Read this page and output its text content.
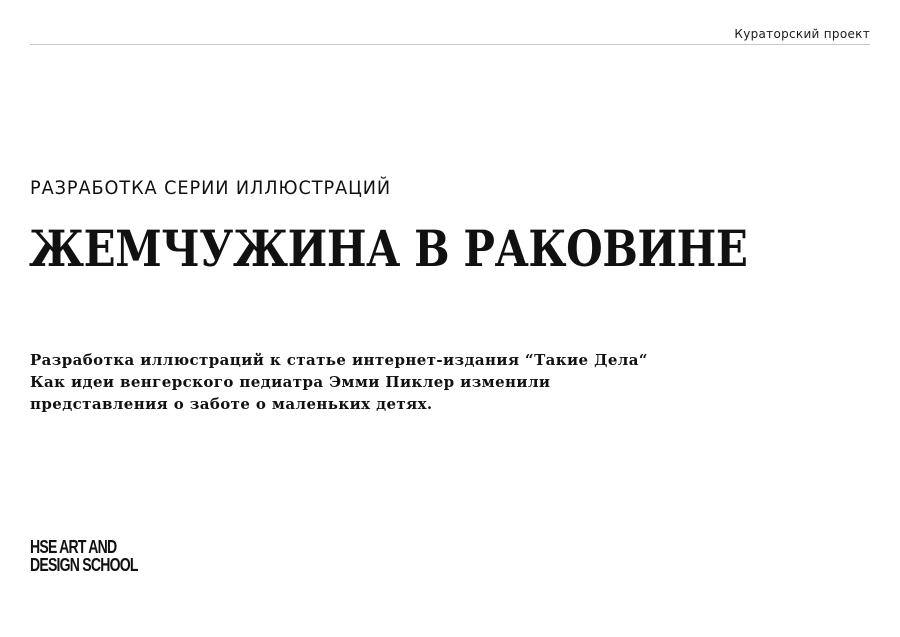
Кураторский проект
РАЗРАБОТКА СЕРИИ ИЛЛЮСТРАЦИЙ
ЖЕМЧУЖИНА В РАКОВИНЕ
Разработка иллюстраций к статье интернет-издания “Такие Дела“
Как идеи венгерского педиатра Эмми Пиклер изменили
представления о заботе о маленьких детях.
HSE ART AND
DESIGN SCHOOL
